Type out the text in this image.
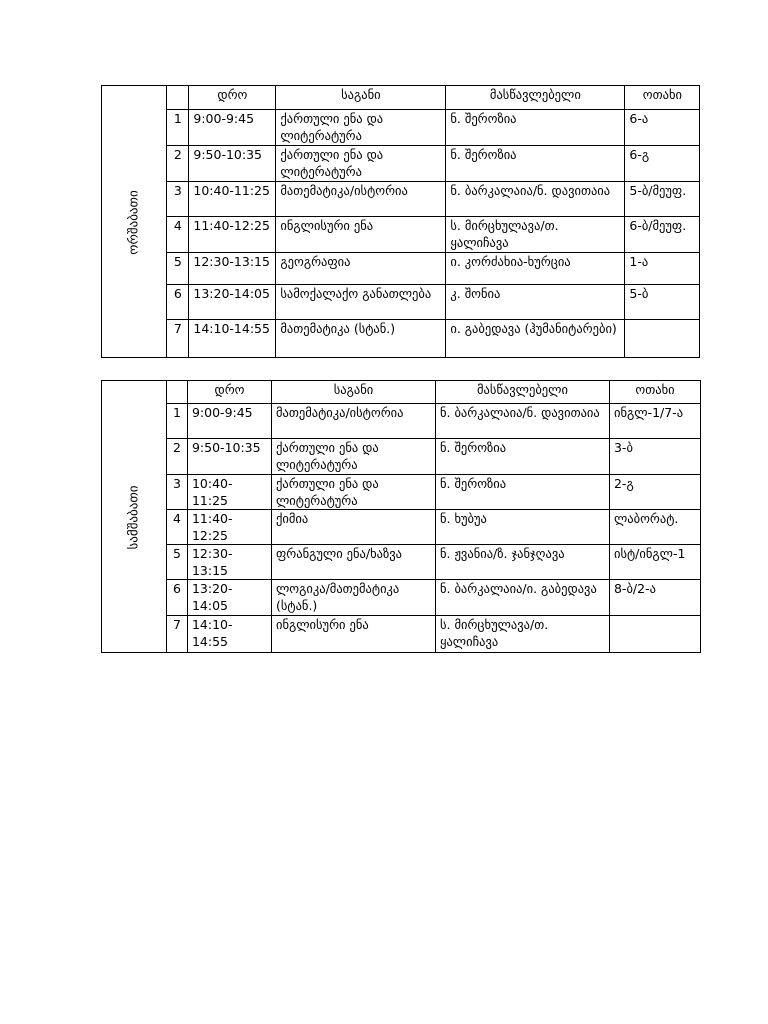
ორშაბათი		დრო	საგანი	მასწავლებელი	ოთახი
	1	9:00-9:45	ქართული ენა და ლიტერატურა	ნ. შეროზია	6-ა
	2	9:50-10:35	ქართული ენა და ლიტერატურა	ნ. შეროზია	6-გ
	3	10:40-11:25	მათემატიკა/ისტორია	ნ. ბარკალაია/ნ. დავითაია	5-ბ/მეუფ.
	4	11:40-12:25	ინგლისური ენა	ს. მირცხულავა/თ. ყალიჩავა	6-ბ/მეუფ.
	5	12:30-13:15	გეოგრაფია	ი. კორძახია-ხურცია	1-ა
	6	13:20-14:05	სამოქალაქო განათლება	კ. შონია	5-ბ
	7	14:10-14:55	მათემატიკა (სტან.)	ი. გაბედავა (ჰუმანიტარები)	
სამშაბათი		დრო	საგანი	მასწავლებელი	ოთახი
	1	9:00-9:45	მათემატიკა/ისტორია	ნ. ბარკალაია/ნ. დავითაია	ინგლ-1/7-ა
	2	9:50-10:35	ქართული ენა და ლიტერატურა	ნ. შეროზია	3-ბ
	3	10:40-11:25	ქართული ენა და ლიტერატურა	ნ. შეროზია	2-გ
	4	11:40-12:25	ქიმია	ნ. ხუბუა	ლაბორატ.
	5	12:30-13:15	ფრანგული ენა/ხაზვა	ნ. ჟვანია/ზ. ჯანჯღავა	ისტ/ინგლ-1
	6	13:20-14:05	ლოგიკა/მათემატიკა (სტან.)	ნ. ბარკალაია/ი. გაბედავა	8-ბ/2-ა
	7	14:10-14:55	ინგლისური ენა	ს. მირცხულავა/თ. ყალიჩავა	
